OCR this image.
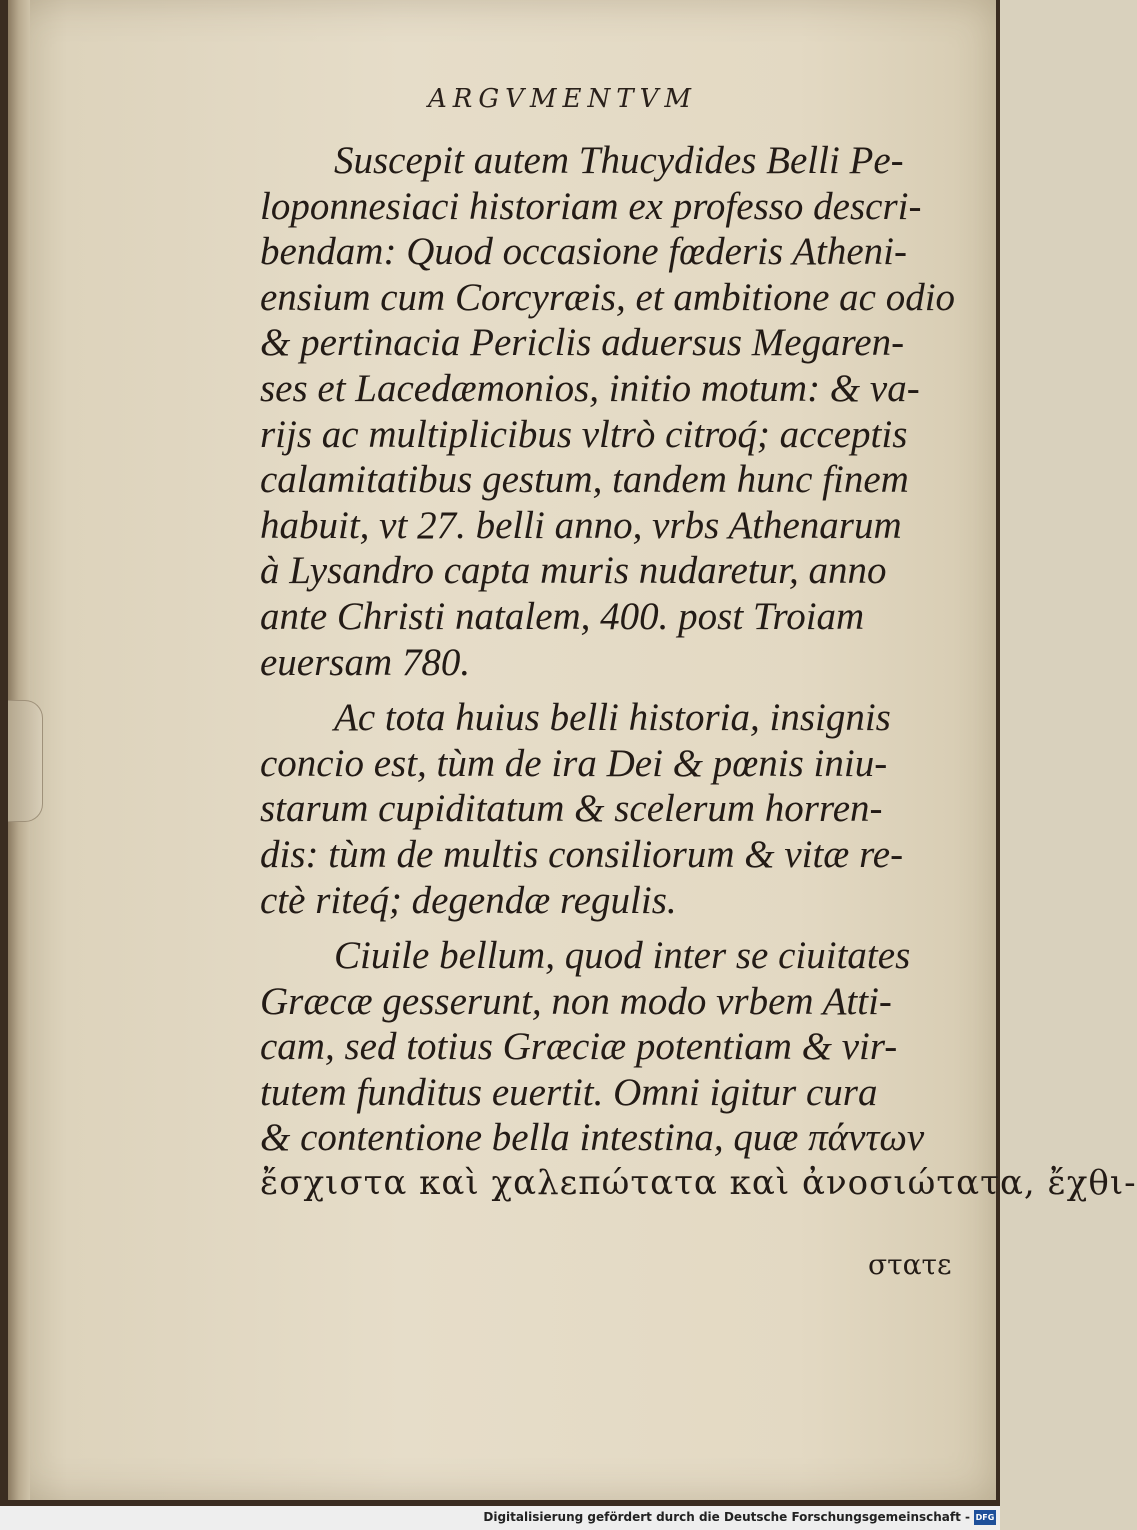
ARGVMENTVM
Suscepit autem Thucydides Belli Pe-
loponnesiaci historiam ex professo descri-
bendam: Quod occasione fœderis Atheni-
ensium cum Corcyræis, et ambitione ac odio
& pertinacia Periclis aduersus Megaren-
ses et Lacedæmonios, initio motum: & va-
rijs ac multiplicibus vltrò citroq́; acceptis
calamitatibus gestum, tandem hunc finem
habuit, vt 27. belli anno, vrbs Athenarum
à Lysandro capta muris nudaretur, anno
ante Christi natalem, 400. post Troiam
euersam 780.
Ac tota huius belli historia, insignis
concio est, tùm de ira Dei & pœnis iniu-
starum cupiditatum & scelerum horren-
dis: tùm de multis consiliorum & vitæ re-
ctè riteq́; degendæ regulis.
Ciuile bellum, quod inter se ciuitates
Græcæ gesserunt, non modo vrbem Atti-
cam, sed totius Græciæ potentiam & vir-
tutem funditus euertit. Omni igitur cura
& contentione bella intestina, quæ πάντων
ἔσχιστα καὶ χαλεπώτατα καὶ ἀνοσιώτατα, ἔχθι-
στατε
Digitalisierung gefördert durch die Deutsche Forschungsgemeinschaft - DFG
